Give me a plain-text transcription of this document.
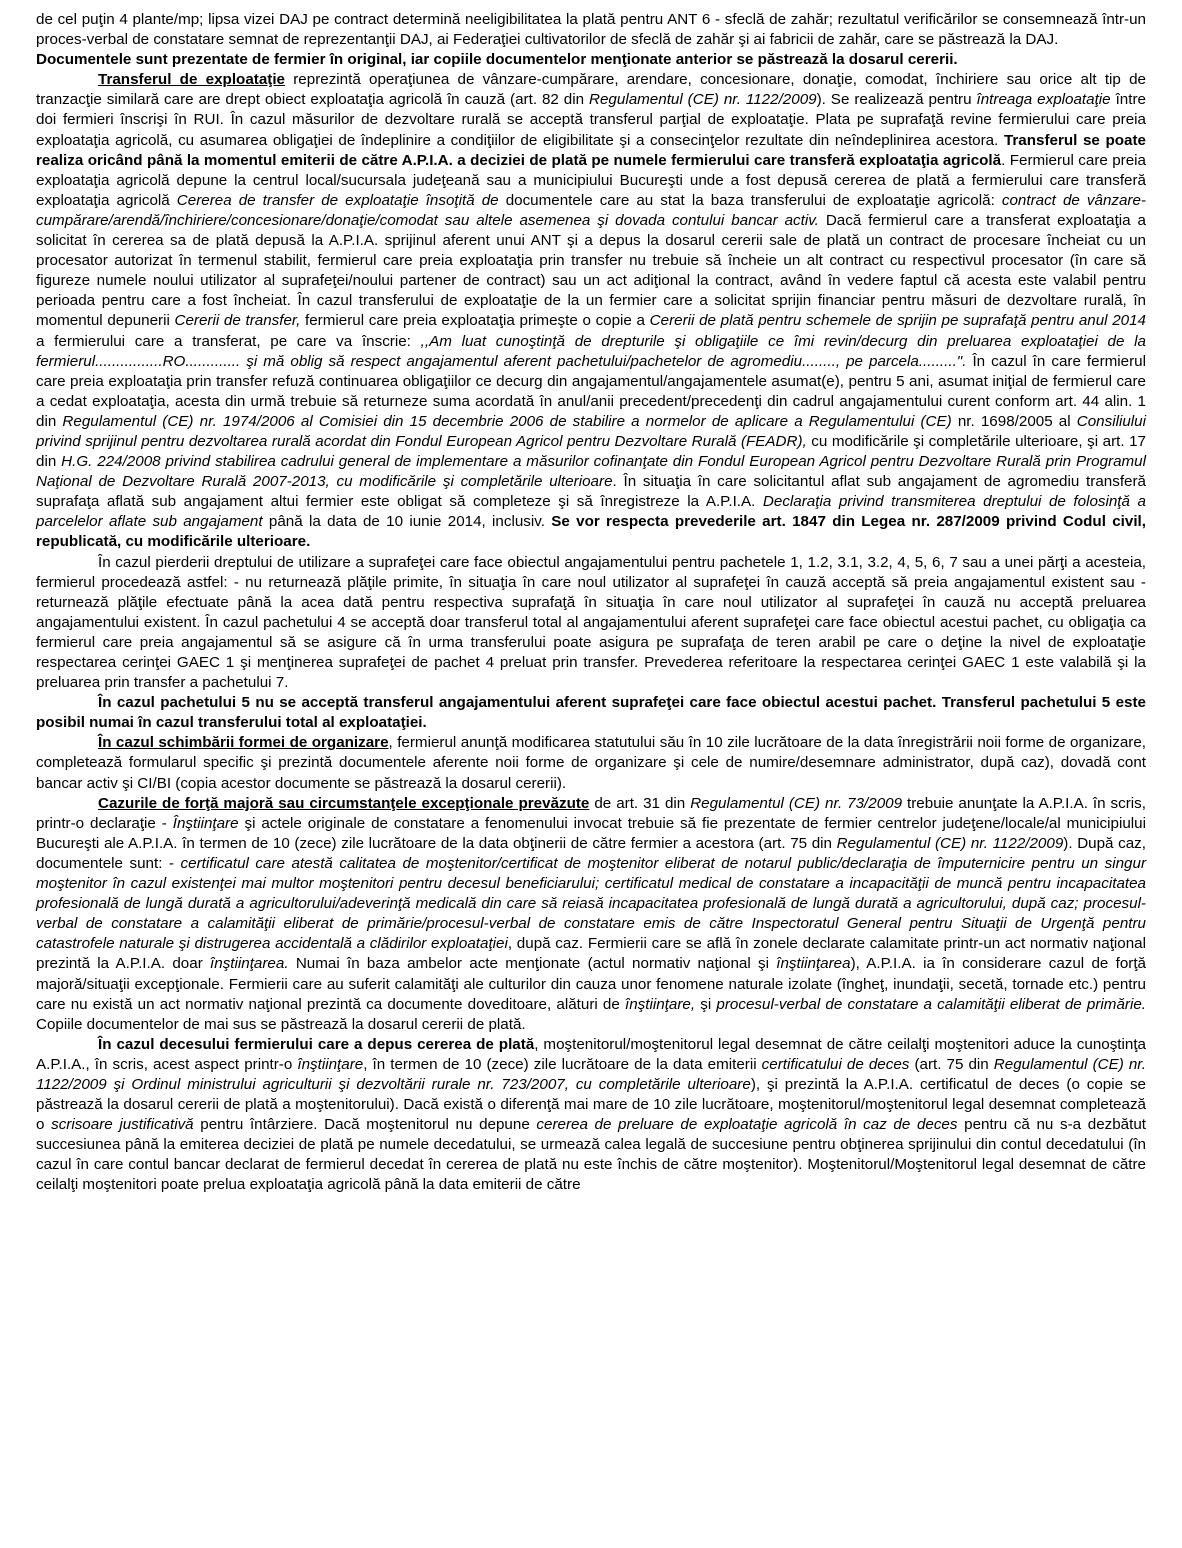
de cel puţin 4 plante/mp; lipsa vizei DAJ pe contract determină neeligibilitatea la plată pentru ANT 6 - sfeclă de zahăr; rezultatul verificărilor se consemnează într-un proces-verbal de constatare semnat de reprezentanţii DAJ, ai Federaţiei cultivatorilor de sfeclă de zahăr şi ai fabricii de zahăr, care se păstrează la DAJ.

Documentele sunt prezentate de fermier în original, iar copiile documentelor menţionate anterior se păstrează la dosarul cererii.

Transferul de exploataţie reprezintă operaţiunea de vânzare-cumpărare, arendare, concesionare, donaţie, comodat, închiriere sau orice alt tip de tranzacţie similară care are drept obiect exploataţia agricolă în cauză (art. 82 din Regulamentul (CE) nr. 1122/2009). Se realizează pentru întreaga exploataţie între doi fermieri înscrişi în RUI. În cazul măsurilor de dezvoltare rurală se acceptă transferul parţial de exploataţie. Plata pe suprafaţă revine fermierului care preia exploataţia agricolă, cu asumarea obligaţiei de îndeplinire a condiţiilor de eligibilitate şi a consecinţelor rezultate din neîndeplinirea acestora. Transferul se poate realiza oricând până la momentul emiterii de către A.P.I.A. a deciziei de plată pe numele fermierului care transferă exploataţia agricolă. Fermierul care preia exploataţia agricolă depune la centrul local/sucursala judeţeană sau a municipiului Bucureşti unde a fost depusă cererea de plată a fermierului care transferă exploataţia agricolă Cererea de transfer de exploataţie însoţită de documentele care au stat la baza transferului de exploataţie agricolă: contract de vânzare-cumpărare/arendă/închiriere/concesionare/donaţie/comodat sau altele asemenea şi dovada contului bancar activ. Dacă fermierul care a transferat exploataţia a solicitat în cererea sa de plată depusă la A.P.I.A. sprijinul aferent unui ANT şi a depus la dosarul cererii sale de plată un contract de procesare încheiat cu un procesator autorizat în termenul stabilit, fermierul care preia exploataţia prin transfer nu trebuie să încheie un alt contract cu respectivul procesator (în care să figureze numele noului utilizator al suprafeţei/noului partener de contract) sau un act adiţional la contract, având în vedere faptul că acesta este valabil pentru perioada pentru care a fost încheiat. În cazul transferului de exploataţie de la un fermier care a solicitat sprijin financiar pentru măsuri de dezvoltare rurală, în momentul depunerii Cererii de transfer, fermierul care preia exploataţia primeşte o copie a Cererii de plată pentru schemele de sprijin pe suprafaţă pentru anul 2014 a fermierului care a transferat, pe care va înscrie: ,,Am luat cunoştinţă de drepturile şi obligaţiile ce îmi revin/decurg din preluarea exploataţiei de la fermierul................RO............. şi mă oblig să respect angajamentul aferent pachetului/pachetelor de agromediu........, pe parcela.........". În cazul în care fermierul care preia exploataţia prin transfer refuză continuarea obligaţiilor ce decurg din angajamentul/angajamentele asumat(e), pentru 5 ani, asumat iniţial de fermierul care a cedat exploataţia, acesta din urmă trebuie să returneze suma acordată în anul/anii precedent/precedenţi din cadrul angajamentului curent conform art. 44 alin. 1 din Regulamentul (CE) nr. 1974/2006 al Comisiei din 15 decembrie 2006 de stabilire a normelor de aplicare a Regulamentului (CE) nr. 1698/2005 al Consiliului privind sprijinul pentru dezvoltarea rurală acordat din Fondul European Agricol pentru Dezvoltare Rurală (FEADR), cu modificările şi completările ulterioare, şi art. 17 din H.G. 224/2008 privind stabilirea cadrului general de implementare a măsurilor cofinanţate din Fondul European Agricol pentru Dezvoltare Rurală prin Programul Naţional de Dezvoltare Rurală 2007-2013, cu modificările şi completările ulterioare. În situaţia în care solicitantul aflat sub angajament de agromediu transferă suprafaţa aflată sub angajament altui fermier este obligat să completeze şi să înregistreze la A.P.I.A. Declaraţia privind transmiterea dreptului de folosinţă a parcelelor aflate sub angajament până la data de 10 iunie 2014, inclusiv. Se vor respecta prevederile art. 1847 din Legea nr. 287/2009 privind Codul civil, republicată, cu modificările ulterioare.

În cazul pierderii dreptului de utilizare a suprafeţei care face obiectul angajamentului pentru pachetele 1, 1.2, 3.1, 3.2, 4, 5, 6, 7 sau a unei părţi a acesteia, fermierul procedează astfel: - nu returnează plăţile primite, în situaţia în care noul utilizator al suprafeţei în cauză acceptă să preia angajamentul existent sau - returnează plăţile efectuate până la acea dată pentru respectiva suprafaţă în situaţia în care noul utilizator al suprafeţei în cauză nu acceptă preluarea angajamentului existent. În cazul pachetului 4 se acceptă doar transferul total al angajamentului aferent suprafeţei care face obiectul acestui pachet, cu obligaţia ca fermierul care preia angajamentul să se asigure că în urma transferului poate asigura pe suprafaţa de teren arabil pe care o deţine la nivel de exploataţie respectarea cerinţei GAEC 1 şi menţinerea suprafeţei de pachet 4 preluat prin transfer. Prevederea referitoare la respectarea cerinţei GAEC 1 este valabilă şi la preluarea prin transfer a pachetului 7.

În cazul pachetului 5 nu se acceptă transferul angajamentului aferent suprafeţei care face obiectul acestui pachet. Transferul pachetului 5 este posibil numai în cazul transferului total al exploataţiei.

În cazul schimbării formei de organizare, fermierul anunţă modificarea statutului său în 10 zile lucrătoare de la data înregistrării noii forme de organizare, completează formularul specific şi prezintă documentele aferente noii forme de organizare şi cele de numire/desemnare administrator, după caz), dovadă cont bancar activ şi CI/BI (copia acestor documente se păstrează la dosarul cererii).

Cazurile de forţă majoră sau circumstanţele excepţionale prevăzute de art. 31 din Regulamentul (CE) nr. 73/2009 trebuie anunţate la A.P.I.A. în scris, printr-o declaraţie - Înştiinţare şi actele originale de constatare a fenomenului invocat trebuie să fie prezentate de fermier centrelor judeţene/locale/al municipiului Bucureşti ale A.P.I.A. în termen de 10 (zece) zile lucrătoare de la data obţinerii de către fermier a acestora (art. 75 din Regulamentul (CE) nr. 1122/2009). După caz, documentele sunt: - certificatul care atestă calitatea de moştenitor/certificat de moştenitor eliberat de notarul public/declaraţia de împuternicire pentru un singur moştenitor în cazul existenţei mai multor moştenitori pentru decesul beneficiarului; certificatul medical de constatare a incapacităţii de muncă pentru incapacitatea profesională de lungă durată a agricultorului/adeverinţă medicală din care să reiasă incapacitatea profesională de lungă durată a agricultorului, după caz; procesul-verbal de constatare a calamităţii eliberat de primărie/procesul-verbal de constatare emis de către Inspectoratul General pentru Situaţii de Urgenţă pentru catastrofele naturale şi distrugerea accidentală a clădirilor exploataţiei, după caz. Fermierii care se află în zonele declarate calamitate printr-un act normativ naţional prezintă la A.P.I.A. doar înştiinţarea. Numai în baza ambelor acte menţionate (actul normativ naţional şi înştiinţarea), A.P.I.A. ia în considerare cazul de forţă majoră/situaţii excepţionale. Fermierii care au suferit calamităţi ale culturilor din cauza unor fenomene naturale izolate (îngheţ, inundaţii, secetă, tornade etc.) pentru care nu există un act normativ naţional prezintă ca documente doveditoare, alături de înştiinţare, şi procesul-verbal de constatare a calamităţii eliberat de primărie. Copiile documentelor de mai sus se păstrează la dosarul cererii de plată.

În cazul decesului fermierului care a depus cererea de plată, moştenitorul/moştenitorul legal desemnat de către ceilalţi moştenitori aduce la cunoştinţa A.P.I.A., în scris, acest aspect printr-o înştiinţare, în termen de 10 (zece) zile lucrătoare de la data emiterii certificatului de deces (art. 75 din Regulamentul (CE) nr. 1122/2009 şi Ordinul ministrului agriculturii şi dezvoltării rurale nr. 723/2007, cu completările ulterioare), şi prezintă la A.P.I.A. certificatul de deces (o copie se păstrează la dosarul cererii de plată a moştenitorului). Dacă există o diferenţă mai mare de 10 zile lucrătoare, moştenitorul/moştenitorul legal desemnat completează o scrisoare justificativă pentru întârziere. Dacă moştenitorul nu depune cererea de preluare de exploataţie agricolă în caz de deces pentru că nu s-a dezbătut succesiunea până la emiterea deciziei de plată pe numele decedatului, se urmează calea legală de succesiune pentru obţinerea sprijinului din contul decedatului (în cazul în care contul bancar declarat de fermierul decedat în cererea de plată nu este închis de către moştenitor). Moştenitorul/Moştenitorul legal desemnat de către ceilalţi moştenitori poate prelua exploataţia agricolă până la data emiterii de către
